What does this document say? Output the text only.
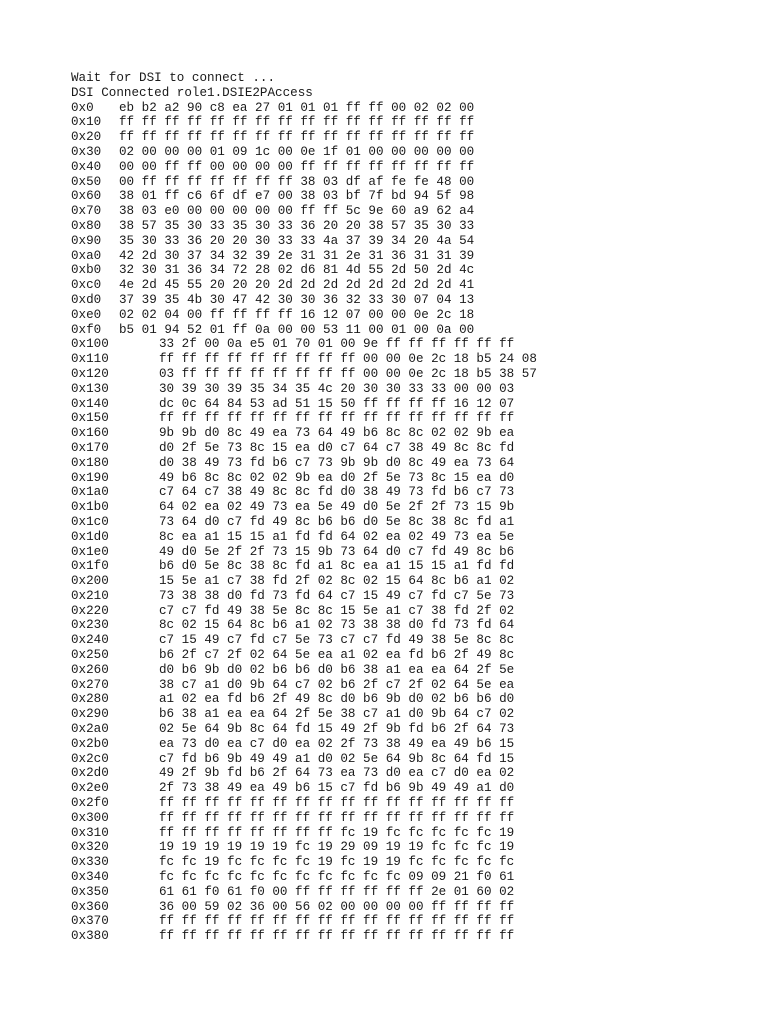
Wait for DSI to connect ...
DSI Connected role1.DSIE2PAccess
0x0 eb b2 a2 90 c8 ea 27 01 01 01 ff ff 00 02 02 00
0x10 ff ff ff ff ff ff ff ff ff ff ff ff ff ff ff ff
0x20 ff ff ff ff ff ff ff ff ff ff ff ff ff ff ff ff
0x30 02 00 00 00 01 09 1c 00 0e 1f 01 00 00 00 00 00
0x40 00 00 ff ff 00 00 00 00 ff ff ff ff ff ff ff ff
0x50 00 ff ff ff ff ff ff ff 38 03 df af fe fe 48 00
0x60 38 01 ff c6 6f df e7 00 38 03 bf 7f bd 94 5f 98
0x70 38 03 e0 00 00 00 00 00 ff ff 5c 9e 60 a9 62 a4
0x80 38 57 35 30 33 35 30 33 36 20 20 38 57 35 30 33
0x90 35 30 33 36 20 20 30 33 33 4a 37 39 34 20 4a 54
0xa0 42 2d 30 37 34 32 39 2e 31 31 2e 31 36 31 31 39
0xb0 32 30 31 36 34 72 28 02 d6 81 4d 55 2d 50 2d 4c
0xc0 4e 2d 45 55 20 20 20 2d 2d 2d 2d 2d 2d 2d 2d 41
0xd0 37 39 35 4b 30 47 42 30 30 36 32 33 30 07 04 13
0xe0 02 02 04 00 ff ff ff ff 16 12 07 00 00 0e 2c 18
0xf0 b5 01 94 52 01 ff 0a 00 00 53 11 00 01 00 0a 00
0x100	33 2f 00 0a e5 01 70 01 00 9e ff ff ff ff ff ff
0x110	ff ff ff ff ff ff ff ff ff 00 00 0e 2c 18 b5 24 08
0x120	03 ff ff ff ff ff ff ff ff 00 00 0e 2c 18 b5 38 57
0x130	30 39 30 39 35 34 35 4c 20 30 30 33 33 00 00 03
0x140	dc 0c 64 84 53 ad 51 15 50 ff ff ff ff 16 12 07
0x150	ff ff ff ff ff ff ff ff ff ff ff ff ff ff ff ff
0x160	9b 9b d0 8c 49 ea 73 64 49 b6 8c 8c 02 02 9b ea
0x170	d0 2f 5e 73 8c 15 ea d0 c7 64 c7 38 49 8c 8c fd
0x180	d0 38 49 73 fd b6 c7 73 9b 9b d0 8c 49 ea 73 64
0x190	49 b6 8c 8c 02 02 9b ea d0 2f 5e 73 8c 15 ea d0
0x1a0	c7 64 c7 38 49 8c 8c fd d0 38 49 73 fd b6 c7 73
0x1b0	64 02 ea 02 49 73 ea 5e 49 d0 5e 2f 2f 73 15 9b
0x1c0	73 64 d0 c7 fd 49 8c b6 b6 d0 5e 8c 38 8c fd a1
0x1d0	8c ea a1 15 15 a1 fd fd 64 02 ea 02 49 73 ea 5e
0x1e0	49 d0 5e 2f 2f 73 15 9b 73 64 d0 c7 fd 49 8c b6
0x1f0	b6 d0 5e 8c 38 8c fd a1 8c ea a1 15 15 a1 fd fd
0x200	15 5e a1 c7 38 fd 2f 02 8c 02 15 64 8c b6 a1 02
0x210	73 38 38 d0 fd 73 fd 64 c7 15 49 c7 fd c7 5e 73
0x220	c7 c7 fd 49 38 5e 8c 8c 15 5e a1 c7 38 fd 2f 02
0x230	8c 02 15 64 8c b6 a1 02 73 38 38 d0 fd 73 fd 64
0x240	c7 15 49 c7 fd c7 5e 73 c7 c7 fd 49 38 5e 8c 8c
0x250	b6 2f c7 2f 02 64 5e ea a1 02 ea fd b6 2f 49 8c
0x260	d0 b6 9b d0 02 b6 b6 d0 b6 38 a1 ea ea 64 2f 5e
0x270	38 c7 a1 d0 9b 64 c7 02 b6 2f c7 2f 02 64 5e ea
0x280	a1 02 ea fd b6 2f 49 8c d0 b6 9b d0 02 b6 b6 d0
0x290	b6 38 a1 ea ea 64 2f 5e 38 c7 a1 d0 9b 64 c7 02
0x2a0	02 5e 64 9b 8c 64 fd 15 49 2f 9b fd b6 2f 64 73
0x2b0	ea 73 d0 ea c7 d0 ea 02 2f 73 38 49 ea 49 b6 15
0x2c0	c7 fd b6 9b 49 49 a1 d0 02 5e 64 9b 8c 64 fd 15
0x2d0	49 2f 9b fd b6 2f 64 73 ea 73 d0 ea c7 d0 ea 02
0x2e0	2f 73 38 49 ea 49 b6 15 c7 fd b6 9b 49 49 a1 d0
0x2f0	ff ff ff ff ff ff ff ff ff ff ff ff ff ff ff ff
0x300	ff ff ff ff ff ff ff ff ff ff ff ff ff ff ff ff
0x310	ff ff ff ff ff ff ff ff fc 19 fc fc fc fc fc 19
0x320	19 19 19 19 19 19 fc 19 29 09 19 19 fc fc fc 19
0x330	fc fc 19 fc fc fc fc 19 fc 19 19 fc fc fc fc fc
0x340	fc fc fc fc fc fc fc fc fc fc fc 09 09 21 f0 61
0x350	61 61 f0 61 f0 00 ff ff ff ff ff ff 2e 01 60 02
0x360	36 00 59 02 36 00 56 02 00 00 00 00 ff ff ff ff
0x370	ff ff ff ff ff ff ff ff ff ff ff ff ff ff ff ff
0x380	ff ff ff ff ff ff ff ff ff ff ff ff ff ff ff ff
